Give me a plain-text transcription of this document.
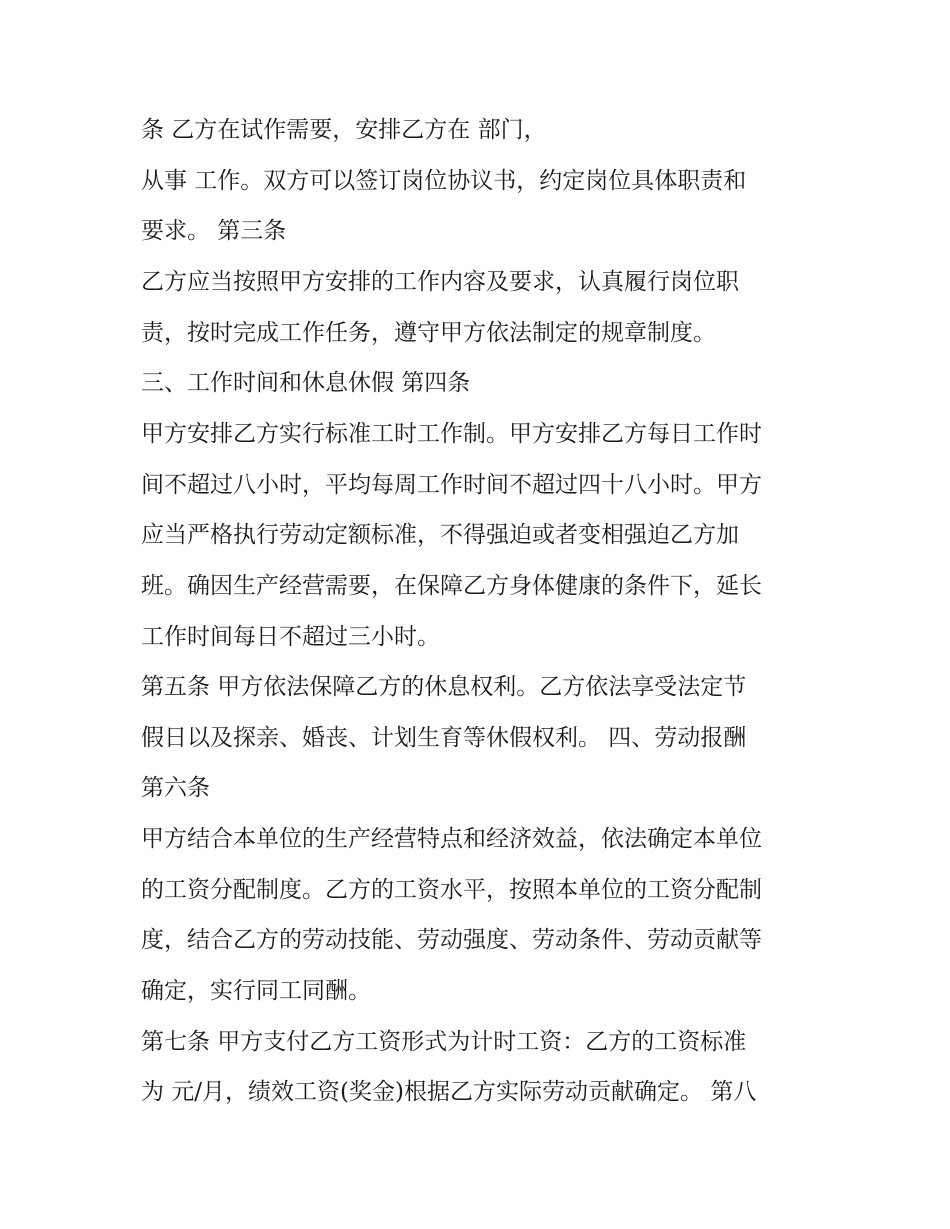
条 乙方在试作需要，安排乙方在 部门，
从事 工作。双方可以签订岗位协议书，约定岗位具体职责和
要求。 第三条
乙方应当按照甲方安排的工作内容及要求，认真履行岗位职
责，按时完成工作任务，遵守甲方依法制定的规章制度。
三、工作时间和休息休假 第四条
甲方安排乙方实行标准工时工作制。甲方安排乙方每日工作时
间不超过八小时，平均每周工作时间不超过四十八小时。甲方
应当严格执行劳动定额标准，不得强迫或者变相强迫乙方加
班。确因生产经营需要，在保障乙方身体健康的条件下，延长
工作时间每日不超过三小时。
第五条 甲方依法保障乙方的休息权利。乙方依法享受法定节
假日以及探亲、婚丧、计划生育等休假权利。 四、劳动报酬
第六条
甲方结合本单位的生产经营特点和经济效益，依法确定本单位
的工资分配制度。乙方的工资水平，按照本单位的工资分配制
度，结合乙方的劳动技能、劳动强度、劳动条件、劳动贡献等
确定，实行同工同酬。
第七条 甲方支付乙方工资形式为计时工资：乙方的工资标准
为 元/月，绩效工资(奖金)根据乙方实际劳动贡献确定。 第八
